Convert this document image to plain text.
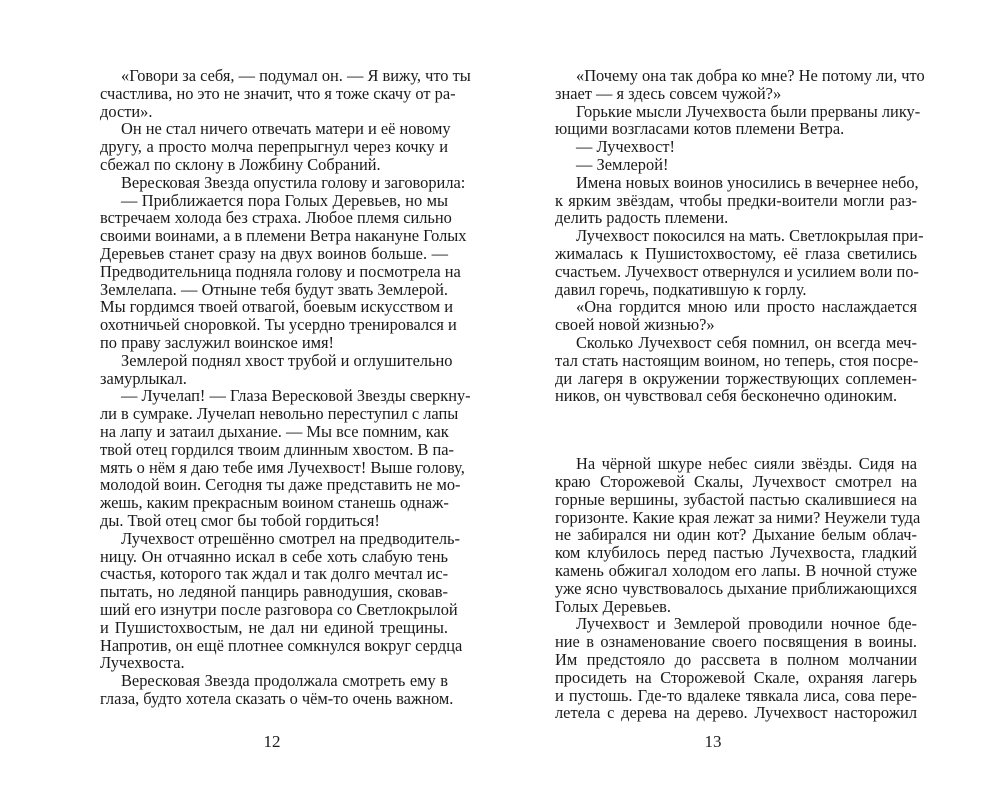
«Говори за себя, — подумал он. — Я вижу, что ты
счастлива, но это не значит, что я тоже скачу от ра-
дости».
Он не стал ничего отвечать матери и её новому
другу, а просто молча перепрыгнул через кочку и
сбежал по склону в Ложбину Собраний.
Вересковая Звезда опустила голову и заговорила:
— Приближается пора Голых Деревьев, но мы
встречаем холода без страха. Любое племя сильно
своими воинами, а в племени Ветра накануне Голых
Деревьев станет сразу на двух воинов больше. —
Предводительница подняла голову и посмотрела на
Землелапа. — Отныне тебя будут звать Землерой.
Мы гордимся твоей отвагой, боевым искусством и
охотничьей сноровкой. Ты усердно тренировался и
по праву заслужил воинское имя!
Землерой поднял хвост трубой и оглушительно
замурлыкал.
— Лучелап! — Глаза Вересковой Звезды сверкну-
ли в сумраке. Лучелап невольно переступил с лапы
на лапу и затаил дыхание. — Мы все помним, как
твой отец гордился твоим длинным хвостом. В па-
мять о нём я даю тебе имя Лучехвост! Выше голову,
молодой воин. Сегодня ты даже представить не мо-
жешь, каким прекрасным воином станешь однаж-
ды. Твой отец смог бы тобой гордиться!
Лучехвост отрешённо смотрел на предводитель-
ницу. Он отчаянно искал в себе хоть слабую тень
счастья, которого так ждал и так долго мечтал ис-
пытать, но ледяной панцирь равнодушия, сковав-
ший его изнутри после разговора со Светлокрылой
и Пушистохвостым, не дал ни единой трещины.
Напротив, он ещё плотнее сомкнулся вокруг сердца
Лучехвоста.
Вересковая Звезда продолжала смотреть ему в
глаза, будто хотела сказать о чём-то очень важном.
12
«Почему она так добра ко мне? Не потому ли, что
знает — я здесь совсем чужой?»
Горькие мысли Лучехвоста были прерваны лику-
ющими возгласами котов племени Ветра.
— Лучехвост!
— Землерой!
Имена новых воинов уносились в вечернее небо,
к ярким звёздам, чтобы предки-воители могли раз-
делить радость племени.
Лучехвост покосился на мать. Светлокрылая при-
жималась к Пушистохвостому, её глаза светились
счастьем. Лучехвост отвернулся и усилием воли по-
давил горечь, подкатившую к горлу.
«Она гордится мною или просто наслаждается
своей новой жизнью?»
Сколько Лучехвост себя помнил, он всегда меч-
тал стать настоящим воином, но теперь, стоя посре-
ди лагеря в окружении торжествующих соплемен-
ников, он чувствовал себя бесконечно одиноким.
На чёрной шкуре небес сияли звёзды. Сидя на
краю Сторожевой Скалы, Лучехвост смотрел на
горные вершины, зубастой пастью скалившиеся на
горизонте. Какие края лежат за ними? Неужели туда
не забирался ни один кот? Дыхание белым облач-
ком клубилось перед пастью Лучехвоста, гладкий
камень обжигал холодом его лапы. В ночной стуже
уже ясно чувствовалось дыхание приближающихся
Голых Деревьев.
Лучехвост и Землерой проводили ночное бде-
ние в ознаменование своего посвящения в воины.
Им предстояло до рассвета в полном молчании
просидеть на Сторожевой Скале, охраняя лагерь
и пустошь. Где-то вдалеке тявкала лиса, сова пере-
летела с дерева на дерево. Лучехвост насторожил
13
